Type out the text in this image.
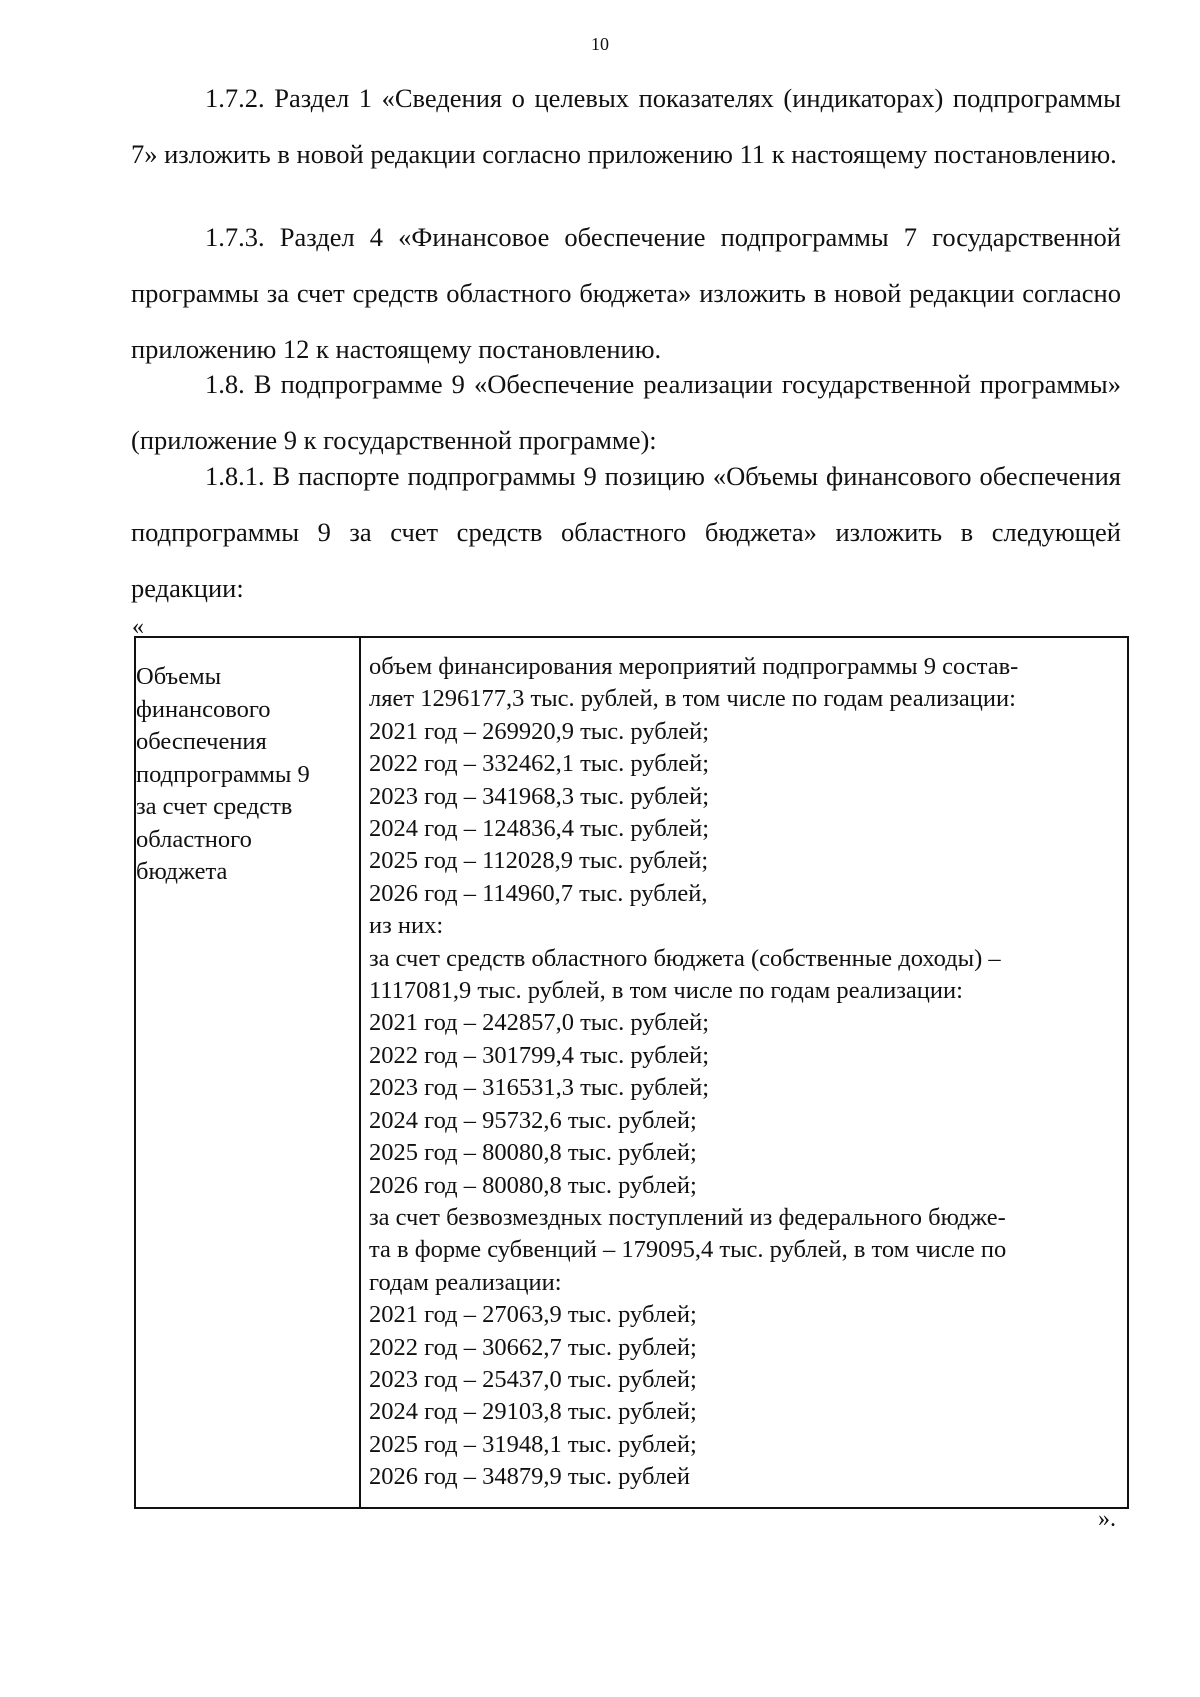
10

1.7.2. Раздел 1 «Сведения о целевых показателях (индикаторах) подпрограммы 7» изложить в новой редакции согласно приложению 11 к настоящему постановлению.

1.7.3. Раздел 4 «Финансовое обеспечение подпрограммы 7 государственной программы за счет средств областного бюджета» изложить в новой редакции согласно приложению 12 к настоящему постановлению.

1.8. В подпрограмме 9 «Обеспечение реализации государственной программы» (приложение 9 к государственной программе):

1.8.1. В паспорте подпрограммы 9 позицию «Объемы финансового обеспечения подпрограммы 9 за счет средств областного бюджета» изложить в следующей редакции:

«
Объемы
финансового
обеспечения
подпрограммы 9
за счет средств
областного
бюджета
объем финансирования мероприятий подпрограммы 9 состав-
ляет 1296177,3 тыс. рублей, в том числе по годам реализации:
2021 год – 269920,9 тыс. рублей;
2022 год – 332462,1 тыс. рублей;
2023 год – 341968,3 тыс. рублей;
2024 год – 124836,4 тыс. рублей;
2025 год – 112028,9 тыс. рублей;
2026 год – 114960,7 тыс. рублей,
из них:
за счет средств областного бюджета (собственные доходы) –
1117081,9 тыс. рублей, в том числе по годам реализации:
2021 год – 242857,0 тыс. рублей;
2022 год – 301799,4 тыс. рублей;
2023 год – 316531,3 тыс. рублей;
2024 год – 95732,6 тыс. рублей;
2025 год – 80080,8 тыс. рублей;
2026 год – 80080,8 тыс. рублей;
за счет безвозмездных поступлений из федерального бюдже-
та в форме субвенций – 179095,4 тыс. рублей, в том числе по
годам реализации:
2021 год – 27063,9 тыс. рублей;
2022 год – 30662,7 тыс. рублей;
2023 год – 25437,0 тыс. рублей;
2024 год – 29103,8 тыс. рублей;
2025 год – 31948,1 тыс. рублей;
2026 год – 34879,9 тыс. рублей
».
